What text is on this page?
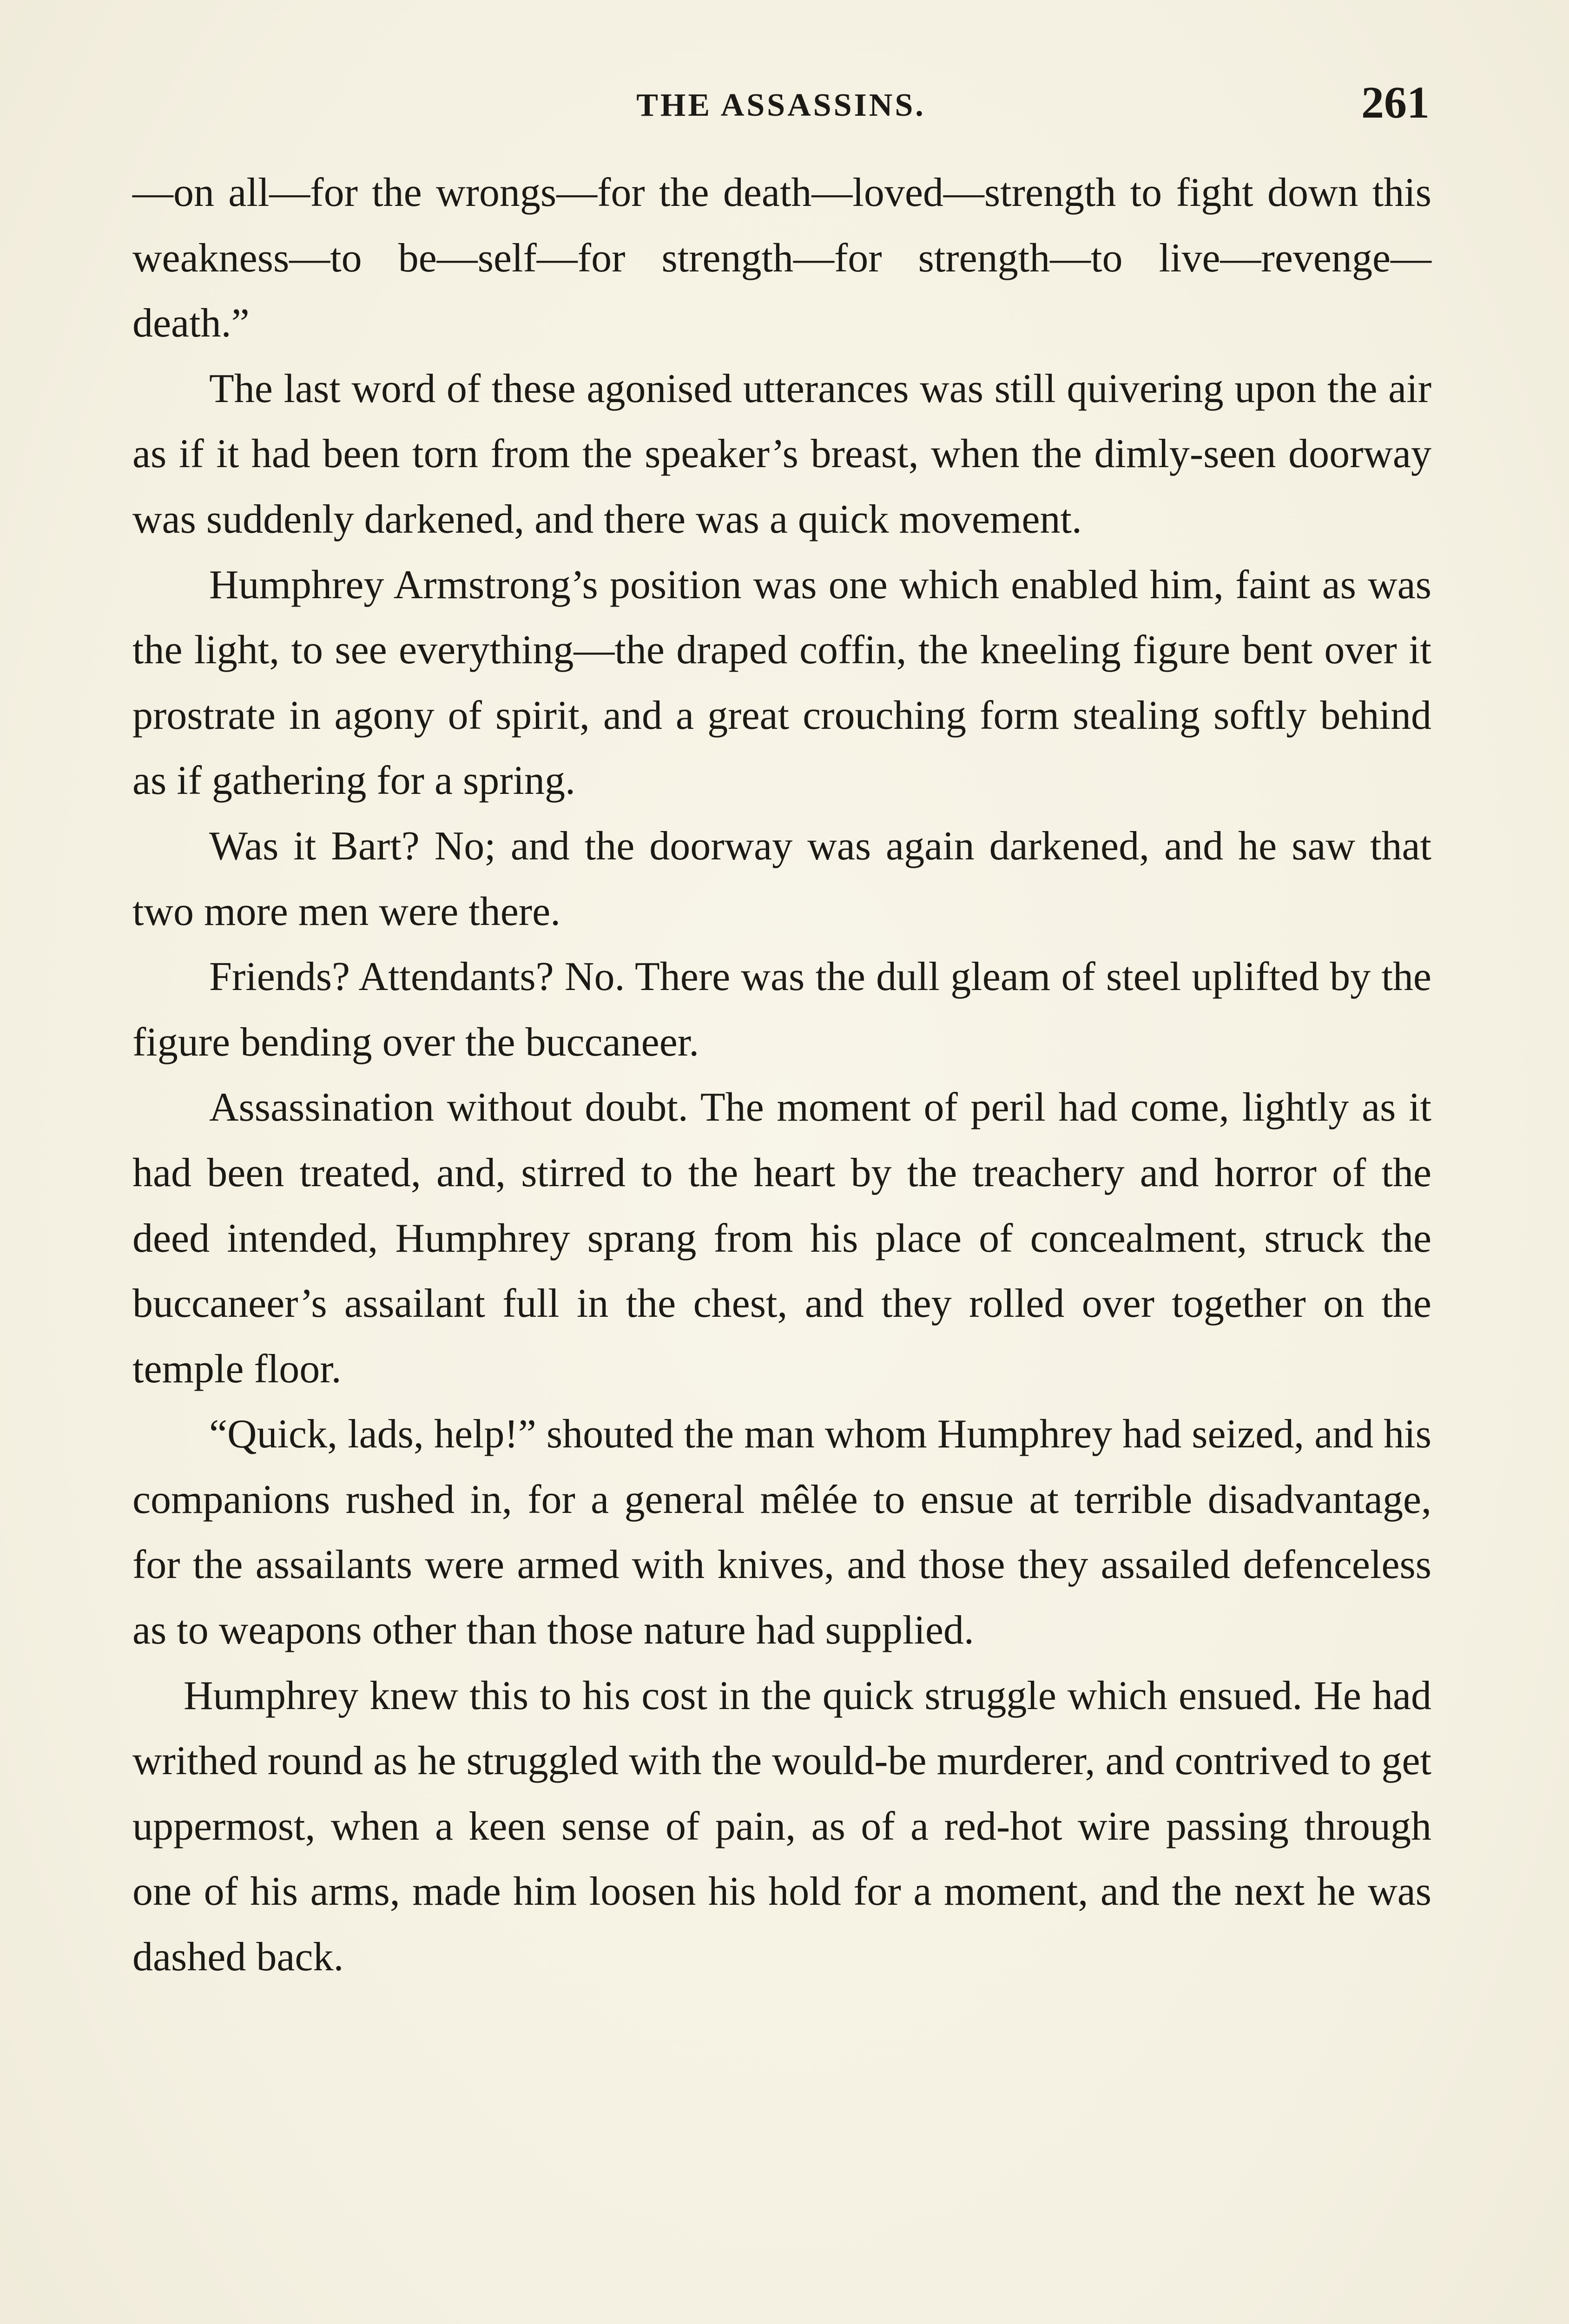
THE ASSASSINS.	261

—on all—for the wrongs—for the death—loved—strength to fight down this weakness—to be—self—for strength—for strength—to live—revenge—death.”

The last word of these agonised utterances was still quivering upon the air as if it had been torn from the speaker’s breast, when the dimly-seen doorway was suddenly darkened, and there was a quick movement.

Humphrey Armstrong’s position was one which enabled him, faint as was the light, to see everything—the draped coffin, the kneeling figure bent over it prostrate in agony of spirit, and a great crouching form stealing softly behind as if gathering for a spring.

Was it Bart? No; and the doorway was again darkened, and he saw that two more men were there.

Friends? Attendants? No. There was the dull gleam of steel uplifted by the figure bending over the buccaneer.

Assassination without doubt. The moment of peril had come, lightly as it had been treated, and, stirred to the heart by the treachery and horror of the deed intended, Humphrey sprang from his place of concealment, struck the buccaneer’s assailant full in the chest, and they rolled over together on the temple floor.

“Quick, lads, help!” shouted the man whom Humphrey had seized, and his companions rushed in, for a general mêlée to ensue at terrible disadvantage, for the assailants were armed with knives, and those they assailed defenceless as to weapons other than those nature had supplied.

Humphrey knew this to his cost in the quick struggle which ensued. He had writhed round as he struggled with the would-be murderer, and contrived to get uppermost, when a keen sense of pain, as of a red-hot wire passing through one of his arms, made him loosen his hold for a moment, and the next he was dashed back.
